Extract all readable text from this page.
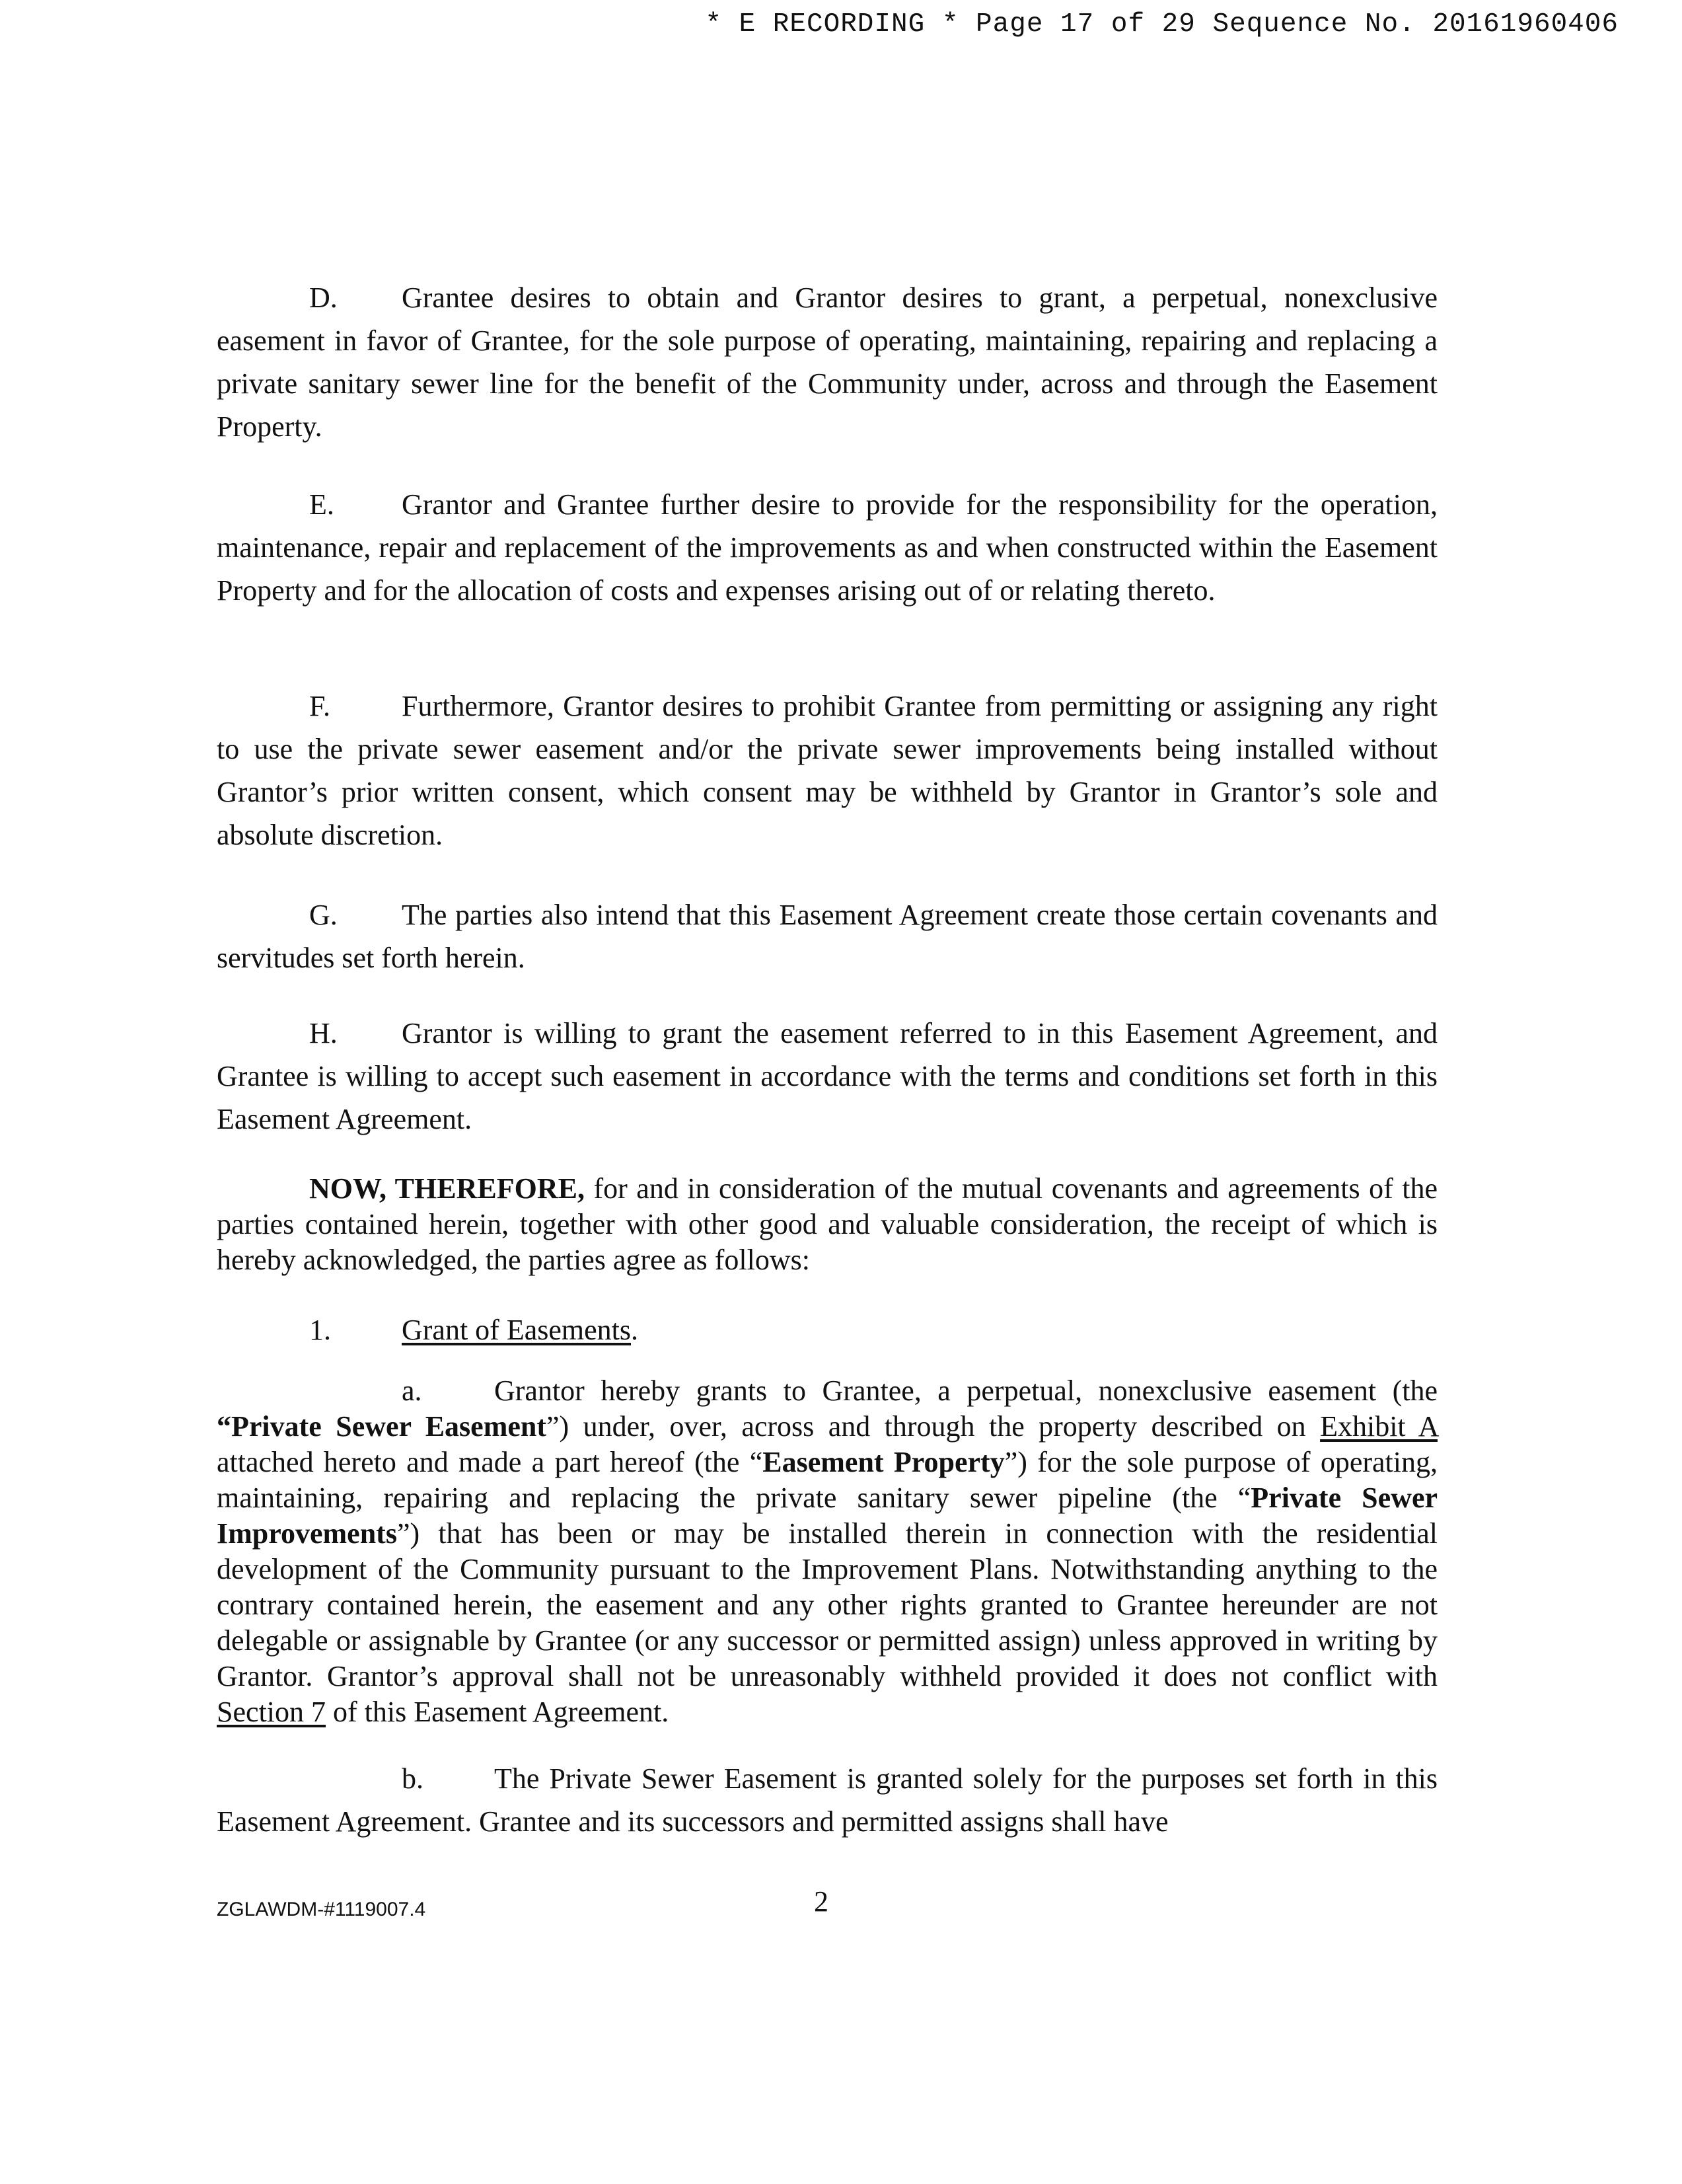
* E RECORDING * Page 17 of 29 Sequence No. 20161960406

D. Grantee desires to obtain and Grantor desires to grant, a perpetual, nonexclusive easement in favor of Grantee, for the sole purpose of operating, maintaining, repairing and replacing a private sanitary sewer line for the benefit of the Community under, across and through the Easement Property.

E. Grantor and Grantee further desire to provide for the responsibility for the operation, maintenance, repair and replacement of the improvements as and when constructed within the Easement Property and for the allocation of costs and expenses arising out of or relating thereto.

F. Furthermore, Grantor desires to prohibit Grantee from permitting or assigning any right to use the private sewer easement and/or the private sewer improvements being installed without Grantor’s prior written consent, which consent may be withheld by Grantor in Grantor’s sole and absolute discretion.

G. The parties also intend that this Easement Agreement create those certain covenants and servitudes set forth herein.

H. Grantor is willing to grant the easement referred to in this Easement Agreement, and Grantee is willing to accept such easement in accordance with the terms and conditions set forth in this Easement Agreement.

NOW, THEREFORE, for and in consideration of the mutual covenants and agreements of the parties contained herein, together with other good and valuable consideration, the receipt of which is hereby acknowledged, the parties agree as follows:

1. Grant of Easements.

a. Grantor hereby grants to Grantee, a perpetual, nonexclusive easement (the “Private Sewer Easement”) under, over, across and through the property described on Exhibit A attached hereto and made a part hereof (the “Easement Property”) for the sole purpose of operating, maintaining, repairing and replacing the private sanitary sewer pipeline (the “Private Sewer Improvements”) that has been or may be installed therein in connection with the residential development of the Community pursuant to the Improvement Plans. Notwithstanding anything to the contrary contained herein, the easement and any other rights granted to Grantee hereunder are not delegable or assignable by Grantee (or any successor or permitted assign) unless approved in writing by Grantor. Grantor’s approval shall not be unreasonably withheld provided it does not conflict with Section 7 of this Easement Agreement.

b. The Private Sewer Easement is granted solely for the purposes set forth in this Easement Agreement. Grantee and its successors and permitted assigns shall have

ZGLAWDM-#1119007.4	2
